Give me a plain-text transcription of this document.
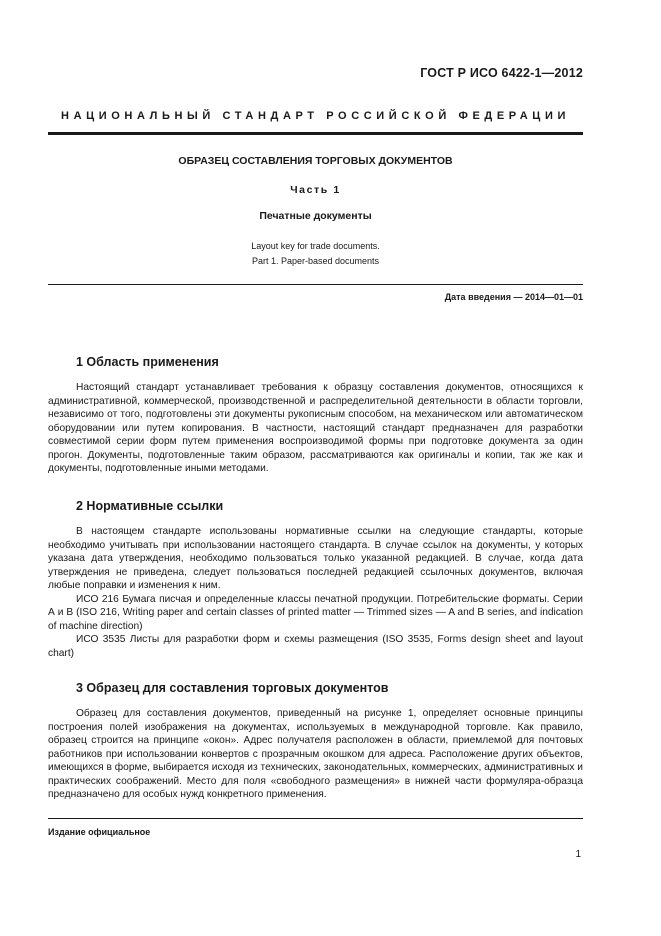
ГОСТ Р ИСО 6422-1—2012
НАЦИОНАЛЬНЫЙ СТАНДАРТ РОССИЙСКОЙ ФЕДЕРАЦИИ
ОБРАЗЕЦ СОСТАВЛЕНИЯ ТОРГОВЫХ ДОКУМЕНТОВ
Часть 1
Печатные документы
Layout key for trade documents.
Part 1. Paper-based documents
Дата введения — 2014—01—01
1 Область применения

Настоящий стандарт устанавливает требования к образцу составления документов, относящихся к административной, коммерческой, производственной и распределительной деятельности в области торговли, независимо от того, подготовлены эти документы рукописным способом, на механическом или автоматическом оборудовании или путем копирования. В частности, настоящий стандарт предназначен для разработки совместимой серии форм путем применения воспроизводимой формы при подготовке документа за один прогон. Документы, подготовленные таким образом, рассматриваются как оригиналы и копии, так же как и документы, подготовленные иными методами.

2 Нормативные ссылки

В настоящем стандарте использованы нормативные ссылки на следующие стандарты, которые необходимо учитывать при использовании настоящего стандарта. В случае ссылок на документы, у которых указана дата утверждения, необходимо пользоваться только указанной редакцией. В случае, когда дата утверждения не приведена, следует пользоваться последней редакцией ссылочных документов, включая любые поправки и изменения к ним.

ИСО 216 Бумага писчая и определенные классы печатной продукции. Потребительские форматы. Серии А и В (ISO 216, Writing paper and certain classes of printed matter — Trimmed sizes — A and B series, and indication of machine direction)

ИСО 3535 Листы для разработки форм и схемы размещения (ISO 3535, Forms design sheet and layout chart)

3 Образец для составления торговых документов

Образец для составления документов, приведенный на рисунке 1, определяет основные принципы построения полей изображения на документах, используемых в международной торговле. Как правило, образец строится на принципе «окон». Адрес получателя расположен в области, приемлемой для почтовых работников при использовании конвертов с прозрачным окошком для адреса. Расположение других объектов, имеющихся в форме, выбирается исходя из технических, законодательных, коммерческих, административных и практических соображений. Место для поля «свободного размещения» в нижней части формуляра-образца предназначено для особых нужд конкретного применения.

Издание официальное
1
